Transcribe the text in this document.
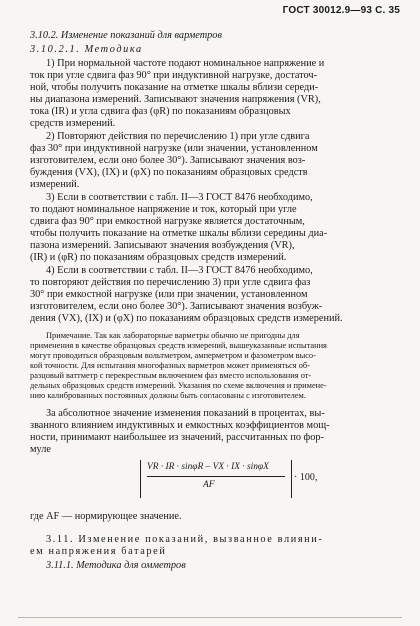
ГОСТ 30012.9—93 С. 35
3.10.2. Изменение показаний для варметров
3.10.2.1. Методика
1) При нормальной частоте подают номинальное напряжение и
ток при угле сдвига фаз 90° при индуктивной нагрузке, достаточ-
ной, чтобы получить показание на отметке шкалы вблизи середи-
ны диапазона измерений. Записывают значения напряжения (VR),
тока (IR) и угла сдвига фаз (φR) по показаниям образцовых
средств измерений.
2) Повторяют действия по перечислению 1) при угле сдвига
фаз 30° при индуктивной нагрузке (или значении, установленном
изготовителем, если оно более 30°). Записывают значения воз-
буждения (VX), (IX) и (φX) по показаниям образцовых средств
измерений.
3) Если в соответствии с табл. II—3 ГОСТ 8476 необходимо,
то подают номинальное напряжение и ток, который при угле
сдвига фаз 90° при емкостной нагрузке является достаточным,
чтобы получить показание на отметке шкалы вблизи середины диа-
пазона измерений. Записывают значения возбуждения (VR),
(IR) и (φR) по показаниям образцовых средств измерений.
4) Если в соответствии с табл. II—3 ГОСТ 8476 необходимо,
то повторяют действия по перечислению 3) при угле сдвига фаз
30° при емкостной нагрузке (или при значении, установленном
изготовителем, если оно более 30°). Записывают значения возбуж-
дения (VX), (IX) и (φX) по показаниям образцовых средств измерений.
Примечание. Так как лабораторные варметры обычно не пригодны для
применения в качестве образцовых средств измерений, вышеуказанные испытания
могут проводиться образцовым вольтметром, амперметром и фазометром высо-
кой точности. Для испытания многофазных варметров может применяться об-
разцовый ваттметр с перекрестным включением фаз вместо использования от-
дельных образцовых средств измерений. Указания по схеме включения и примене-
нию калиброванных постоянных должны быть согласованы с изготовителем.
За абсолютное значение изменения показаний в процентах, вы-
званного влиянием индуктивных и емкостных коэффициентов мощ-
ности, принимают наибольшее из значений, рассчитанных по фор-
муле
VR · IR · sinφR – VX · IX · sinφX
AF
· 100,
где AF — нормирующее значение.
3.11. Изменение показаний, вызванное влияни-
ем напряжения батарей
3.11.1. Методика для омметров
